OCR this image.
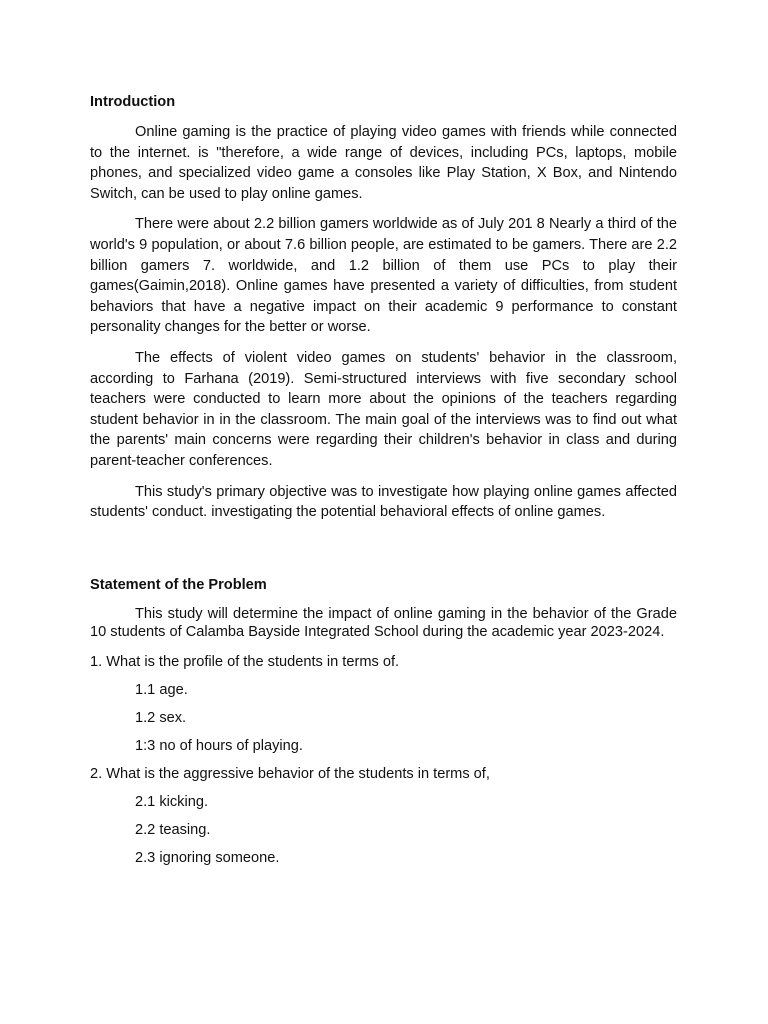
Introduction

Online gaming is the practice of playing video games with friends while connected to the internet. is "therefore, a wide range of devices, including PCs, laptops, mobile phones, and specialized video game a consoles like Play Station, X Box, and Nintendo Switch, can be used to play online games.

There were about 2.2 billion gamers worldwide as of July 201 8 Nearly a third of the world's 9 population, or about 7.6 billion people, are estimated to be gamers. There are 2.2 billion gamers 7. worldwide, and 1.2 billion of them use PCs to play their games(Gaimin,2018). Online games have presented a variety of difficulties, from student behaviors that have a negative impact on their academic 9 performance to constant personality changes for the better or worse.

The effects of violent video games on students' behavior in the classroom, according to Farhana (2019). Semi-structured interviews with five secondary school teachers were conducted to learn more about the opinions of the teachers regarding student behavior in in the classroom. The main goal of the interviews was to find out what the parents' main concerns were regarding their children's behavior in class and during parent-teacher conferences.

This study's primary objective was to investigate how playing online games affected students' conduct. investigating the potential behavioral effects of online games.

Statement of the Problem

This study will determine the impact of online gaming in the behavior of the Grade 10 students of Calamba Bayside Integrated School during the academic year 2023-2024.

1. What is the profile of the students in terms of.
1.1 age.
1.2 sex.
1:3 no of hours of playing.
2. What is the aggressive behavior of the students in terms of,
2.1 kicking.
2.2 teasing.
2.3 ignoring someone.
